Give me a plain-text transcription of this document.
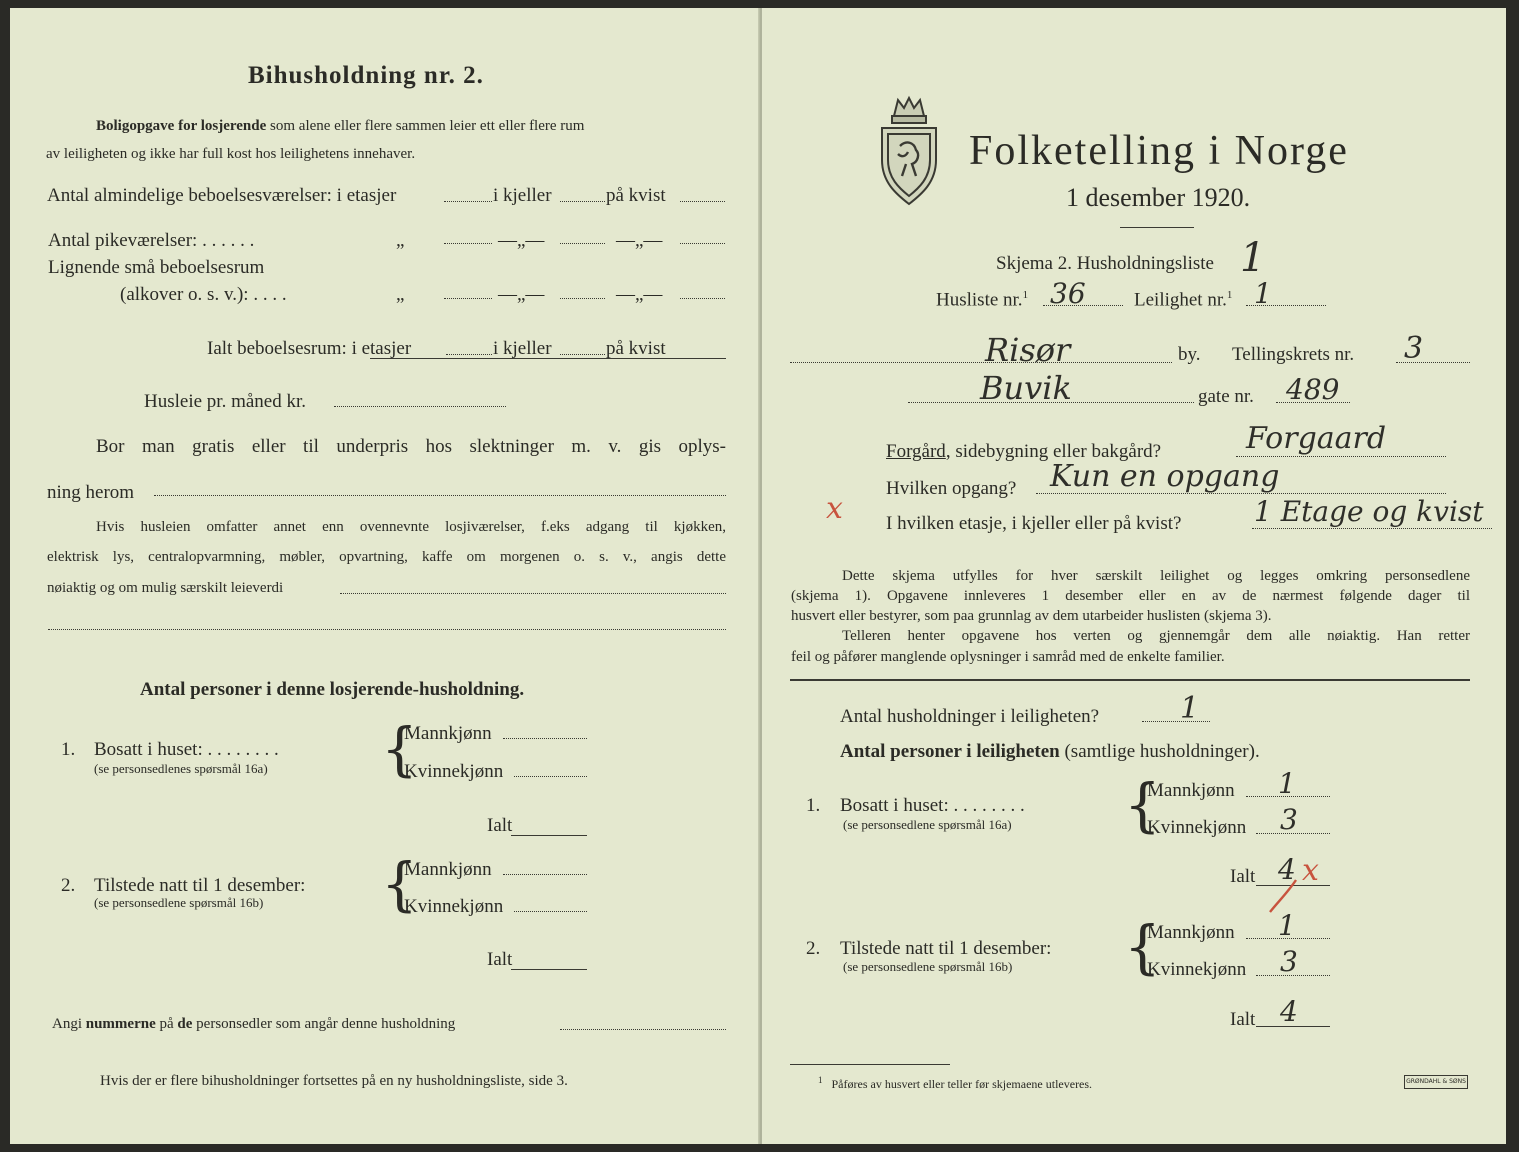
Bihusholdning nr. 2.
Boligopgave for losjerende som alene eller flere sammen leier ett eller flere rum
av leiligheten og ikke har full kost hos leilighetens innehaver.
Antal almindelige beboelsesværelser: i etasjer	i kjeller	på kvist
Antal pikeværelser: . . . . . .	„	—„—	—„—
Lignende små beboelsesrum
(alkover o. s. v.): . . . .	„	—„—	—„—
Ialt beboelsesrum: i etasjer	i kjeller	på kvist
Husleie pr. måned kr.
Bor man gratis eller til underpris hos slektninger m. v. gis oplys-
ning herom
Hvis husleien omfatter annet enn ovennevnte losjiværelser, f.eks adgang til kjøkken,
elektrisk lys, centralopvarmning, møbler, opvartning, kaffe om morgenen o. s. v., angis dette
nøiaktig og om mulig særskilt leieverdi
Antal personer i denne losjerende-husholdning.
1. Bosatt i huset: . . . . . . . .
(se personsedlenes spørsmål 16a) {
Mannkjønn
Kvinnekjønn
Ialt
2. Tilstede natt til 1 desember:
(se personsedlene spørsmål 16b) {
Mannkjønn
Kvinnekjønn
Ialt
Angi nummerne på de personsedler som angår denne husholdning
Hvis der er flere bihusholdninger fortsettes på en ny husholdningsliste, side 3.
Folketelling i Norge
1 desember 1920.
Skjema 2. Husholdningsliste 1
Husliste nr.$^1$ 36	Leilighet nr.$^1$ 1
Risør	by. Tellingskrets nr. 3
Buvik	gate nr. 489
Forgård, sidebygning eller bakgård?	Forgaard
Hvilken opgang? Kun en opgang
x I hvilken etasje, i kjeller eller på kvist?	1 Etage og kvist
Dette skjema utfylles for hver særskilt leilighet og legges omkring personsedlene
(skjema 1). Opgavene innleveres 1 desember eller en av de nærmest følgende dager til
husvert eller bestyrer, som paa grunnlag av dem utarbeider huslisten (skjema 3).
Telleren henter opgavene hos verten og gjennemgår dem alle nøiaktig. Han retter
feil og påfører manglende oplysninger i samråd med de enkelte familier.
Antal husholdninger i leiligheten?	1
Antal personer i leiligheten (samtlige husholdninger).
1. Bosatt i huset: . . . . . . . .
(se personsedlene spørsmål 16a) {
Mannkjønn 1
Kvinnekjønn 3
Ialt 4 x
2. Tilstede natt til 1 desember:
(se personsedlene spørsmål 16b) {
Mannkjønn 1
Kvinnekjønn 3
Ialt 4
$^1$ Påføres av husvert eller teller før skjemaene utleveres.	GRØNDAHL & SØNS
